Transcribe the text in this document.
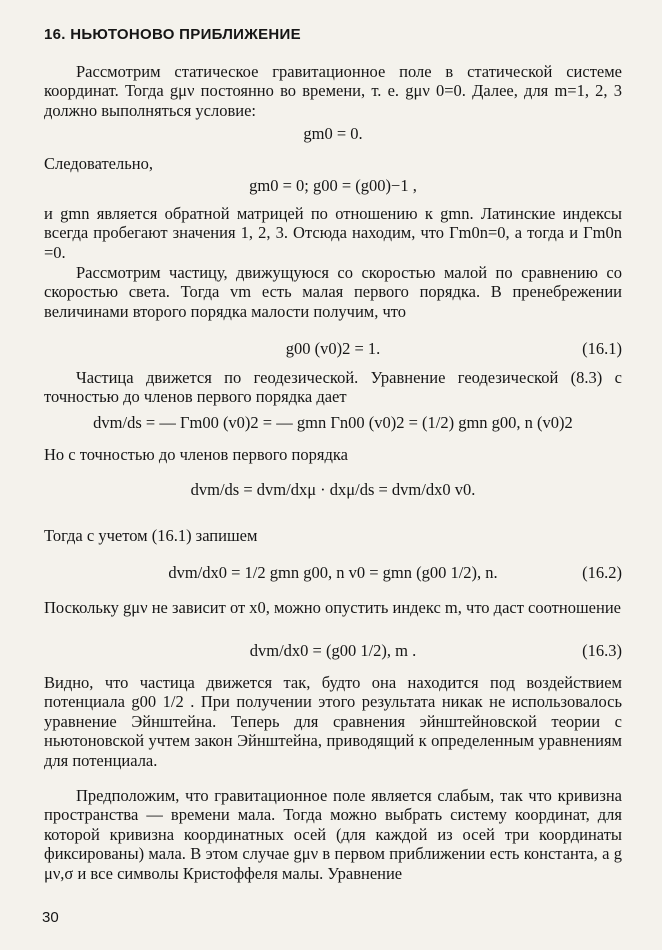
16. НЬЮТОНОВО ПРИБЛИЖЕНИЕ
Рассмотрим статическое гравитационное поле в статической системе координат. Тогда gμν постоянно во времени, т. е. gμν 0=0. Далее, для m=1, 2, 3 должно выполняться условие:
gm0 = 0.
Следовательно,
gm0 = 0; g00 = (g00)−1 ,
и gmn является обратной матрицей по отношению к gmn. Латинские индексы всегда пробегают значения 1, 2, 3. Отсюда находим, что Γm0n=0, а тогда и Γm0n =0.
Рассмотрим частицу, движущуюся со скоростью малой по сравнению со скоростью света. Тогда vm есть малая первого порядка. В пренебрежении величинами второго порядка малости получим, что
g00 (v0)2 = 1.	(16.1)
Частица движется по геодезической. Уравнение геодезической (8.3) с точностью до членов первого порядка дает
dvm/ds = — Γm00 (v0)2 = — gmn Γn00 (v0)2 = (1/2) gmn g00, n (v0)2
Но с точностью до членов первого порядка
dvm/ds = dvm/dxμ · dxμ/ds = dvm/dx0 v0.
Тогда с учетом (16.1) запишем
dvm/dx0 = 1/2 gmn g00, n v0 = gmn (g00 1/2), n.	(16.2)
Поскольку gμν не зависит от x0, можно опустить индекс m, что даст соотношение
dvm/dx0 = (g00 1/2), m .	(16.3)
Видно, что частица движется так, будто она находится под воздействием потенциала g00 1/2 . При получении этого результата никак не использовалось уравнение Эйнштейна. Теперь для сравнения эйнштейновской теории с ньютоновской учтем закон Эйнштейна, приводящий к определенным уравнениям для потенциала.
Предположим, что гравитационное поле является слабым, так что кривизна пространства — времени мала. Тогда можно выбрать систему координат, для которой кривизна координатных осей (для каждой из осей три координаты фиксированы) мала. В этом случае gμν в первом приближении есть константа, а g μν,σ и все символы Кристоффеля малы. Уравнение
30
